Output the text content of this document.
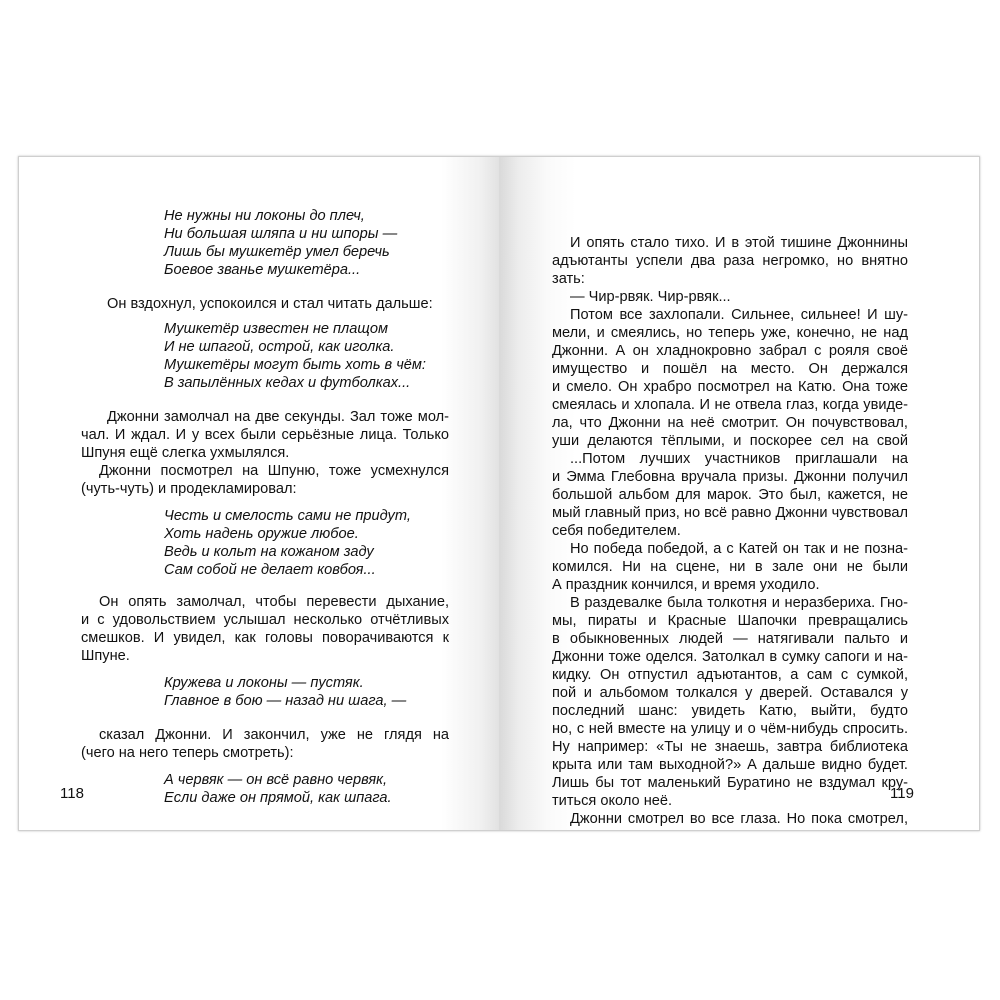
118
Не нужны ни локоны до плеч,
Ни большая шляпа и ни шпоры —
Лишь бы мушкетёр умел беречь
Боевое званье мушкетёра...
Он вздохнул, успокоился и стал читать дальше:
Мушкетёр известен не плащом
И не шпагой, острой, как иголка.
Мушкетёры могут быть хоть в чём:
В запылённых кедах и футболках...
Джонни замолчал на две секунды. Зал тоже мол-
чал. И ждал. И у всех были серьёзные лица. Только
Шпуня ещё слегка ухмылялся.
Джонни посмотрел на Шпуню, тоже усмехнулся
(чуть-чуть) и продекламировал:
Честь и смелость сами не придут,
Хоть надень оружие любое.
Ведь и кольт на кожаном заду
Сам собой не делает ковбоя...
Он опять замолчал, чтобы перевести дыхание,
и с удовольствием услышал несколько отчётливых
смешков. И увидел, как головы поворачиваются к
Шпуне.
Кружева и локоны — пустяк.
Главное в бою — назад ни шага, —
сказал Джонни. И закончил, уже не глядя на
(чего на него теперь смотреть):
А червяк — он всё равно червяк,
Если даже он прямой, как шпага.	119
И опять стало тихо. И в этой тишине Джоннины
адъютанты успели два раза негромко, но внятно
зать:
— Чир-рвяк. Чир-рвяк...
Потом все захлопали. Сильнее, сильнее! И шу-
мели, и смеялись, но теперь уже, конечно, не над
Джонни. А он хладнокровно забрал с рояля своё
имущество и пошёл на место. Он держался
и смело. Он храбро посмотрел на Катю. Она тоже
смеялась и хлопала. И не отвела глаз, когда увиде-
ла, что Джонни на неё смотрит. Он почувствовал,
уши делаются тёплыми, и поскорее сел на свой
...Потом лучших участников приглашали на
и Эмма Глебовна вручала призы. Джонни получил
большой альбом для марок. Это был, кажется, не
мый главный приз, но всё равно Джонни чувствовал
себя победителем.
Но победа победой, а с Катей он так и не позна-
комился. Ни на сцене, ни в зале они не были
А праздник кончился, и время уходило.
В раздевалке была толкотня и неразбериха. Гно-
мы, пираты и Красные Шапочки превращались
в обыкновенных людей — натягивали пальто и
Джонни тоже оделся. Затолкал в сумку сапоги и на-
кидку. Он отпустил адъютантов, а сам с сумкой,
пой и альбомом толкался у дверей. Оставался у
последний шанс: увидеть Катю, выйти, будто
но, с ней вместе на улицу и о чём-нибудь спросить.
Ну например: «Ты не знаешь, завтра библиотека
крыта или там выходной?» А дальше видно будет.
Лишь бы тот маленький Буратино не вздумал кру-
титься около неё.
Джонни смотрел во все глаза. Но пока смотрел,
